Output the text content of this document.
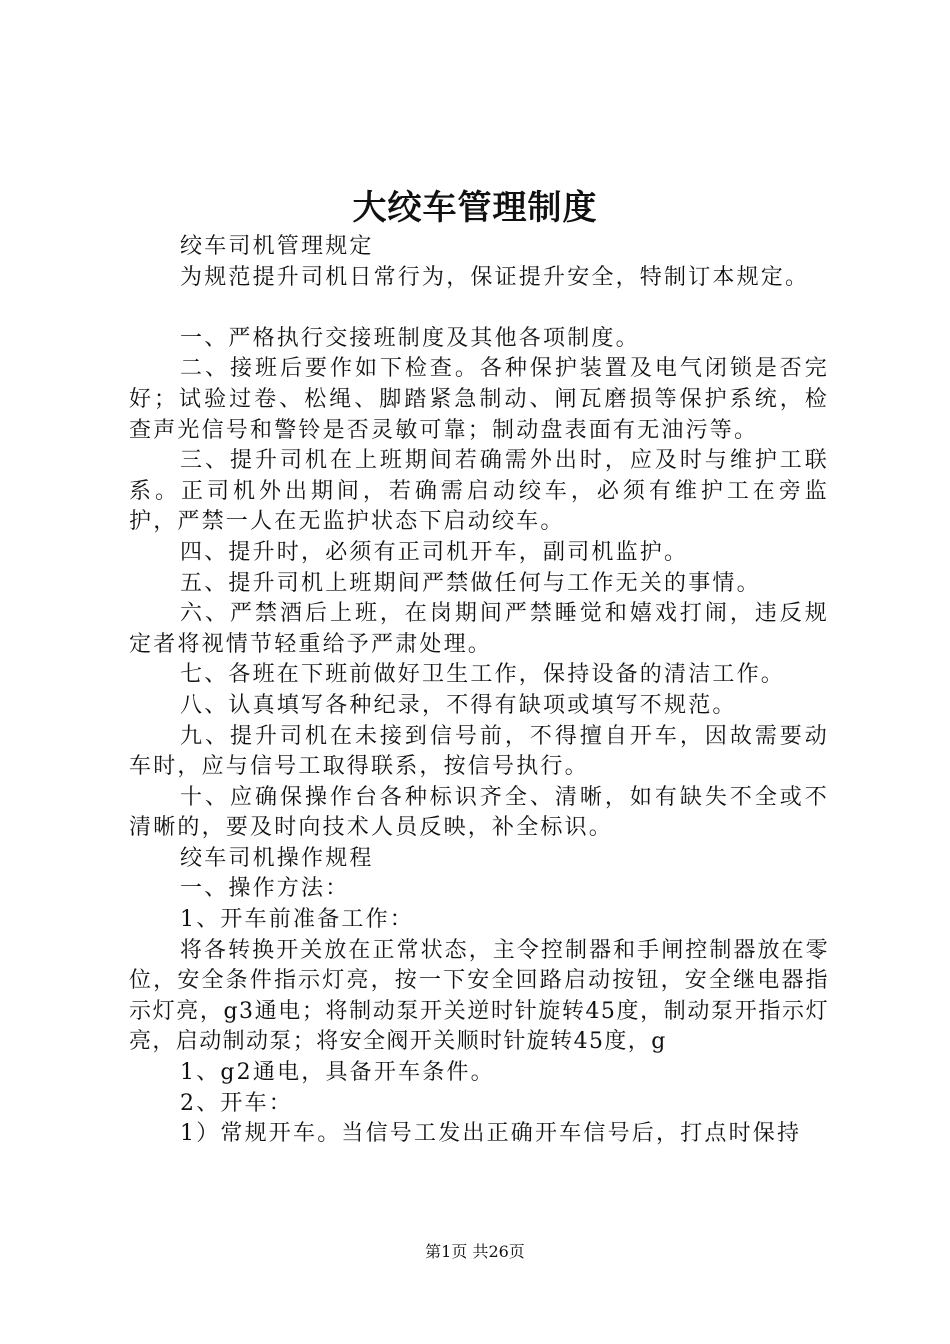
大绞车管理制度

绞车司机管理规定

为规范提升司机日常行为，保证提升安全，特制订本规定。

一、严格执行交接班制度及其他各项制度。

二、接班后要作如下检查。各种保护装置及电气闭锁是否完好；试验过卷、松绳、脚踏紧急制动、闸瓦磨损等保护系统，检查声光信号和警铃是否灵敏可靠；制动盘表面有无油污等。

三、提升司机在上班期间若确需外出时，应及时与维护工联系。正司机外出期间，若确需启动绞车，必须有维护工在旁监护，严禁一人在无监护状态下启动绞车。

四、提升时，必须有正司机开车，副司机监护。

五、提升司机上班期间严禁做任何与工作无关的事情。

六、严禁酒后上班，在岗期间严禁睡觉和嬉戏打闹，违反规定者将视情节轻重给予严肃处理。

七、各班在下班前做好卫生工作，保持设备的清洁工作。

八、认真填写各种纪录，不得有缺项或填写不规范。

九、提升司机在未接到信号前，不得擅自开车，因故需要动车时，应与信号工取得联系，按信号执行。

十、应确保操作台各种标识齐全、清晰，如有缺失不全或不清晰的，要及时向技术人员反映，补全标识。

绞车司机操作规程

一、操作方法：

1、开车前准备工作：

将各转换开关放在正常状态，主令控制器和手闸控制器放在零位，安全条件指示灯亮，按一下安全回路启动按钮，安全继电器指示灯亮，g3通电；将制动泵开关逆时针旋转45度，制动泵开指示灯亮，启动制动泵；将安全阀开关顺时针旋转45度，g

1、g2通电，具备开车条件。

2、开车：

1）常规开车。当信号工发出正确开车信号后，打点时保持

第1页 共26页
